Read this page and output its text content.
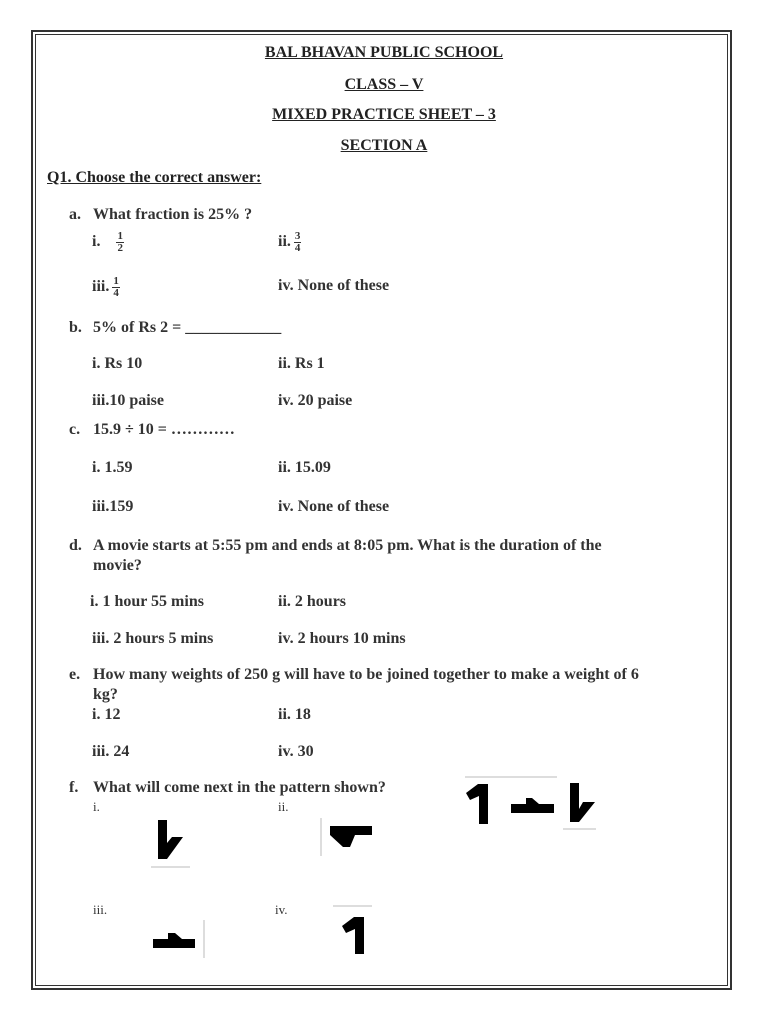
BAL BHAVAN PUBLIC SCHOOL
CLASS – V
MIXED PRACTICE SHEET – 3
SECTION A
Q1. Choose the correct answer:
a. What fraction is 25% ?
i. $\frac{1}{2}$	ii. $\frac{3}{4}$
iii. $\frac{1}{4}$	iv. None of these
b. 5% of Rs 2 = ____________
i. Rs 10	ii. Rs 1
iii.10 paise	iv. 20 paise
c. 15.9 ÷ 10 = …………
i. 1.59	ii. 15.09
iii.159	iv. None of these
d. A movie starts at 5:55 pm and ends at 8:05 pm. What is the duration of the
movie?
i. 1 hour 55 mins	ii. 2 hours
iii. 2 hours 5 mins	iv. 2 hours 10 mins
e. How many weights of 250 g will have to be joined together to make a weight of 6
kg?
i. 12	ii. 18
iii. 24	iv. 30
f. What will come next in the pattern shown?
i.	ii.
iii.	iv.
